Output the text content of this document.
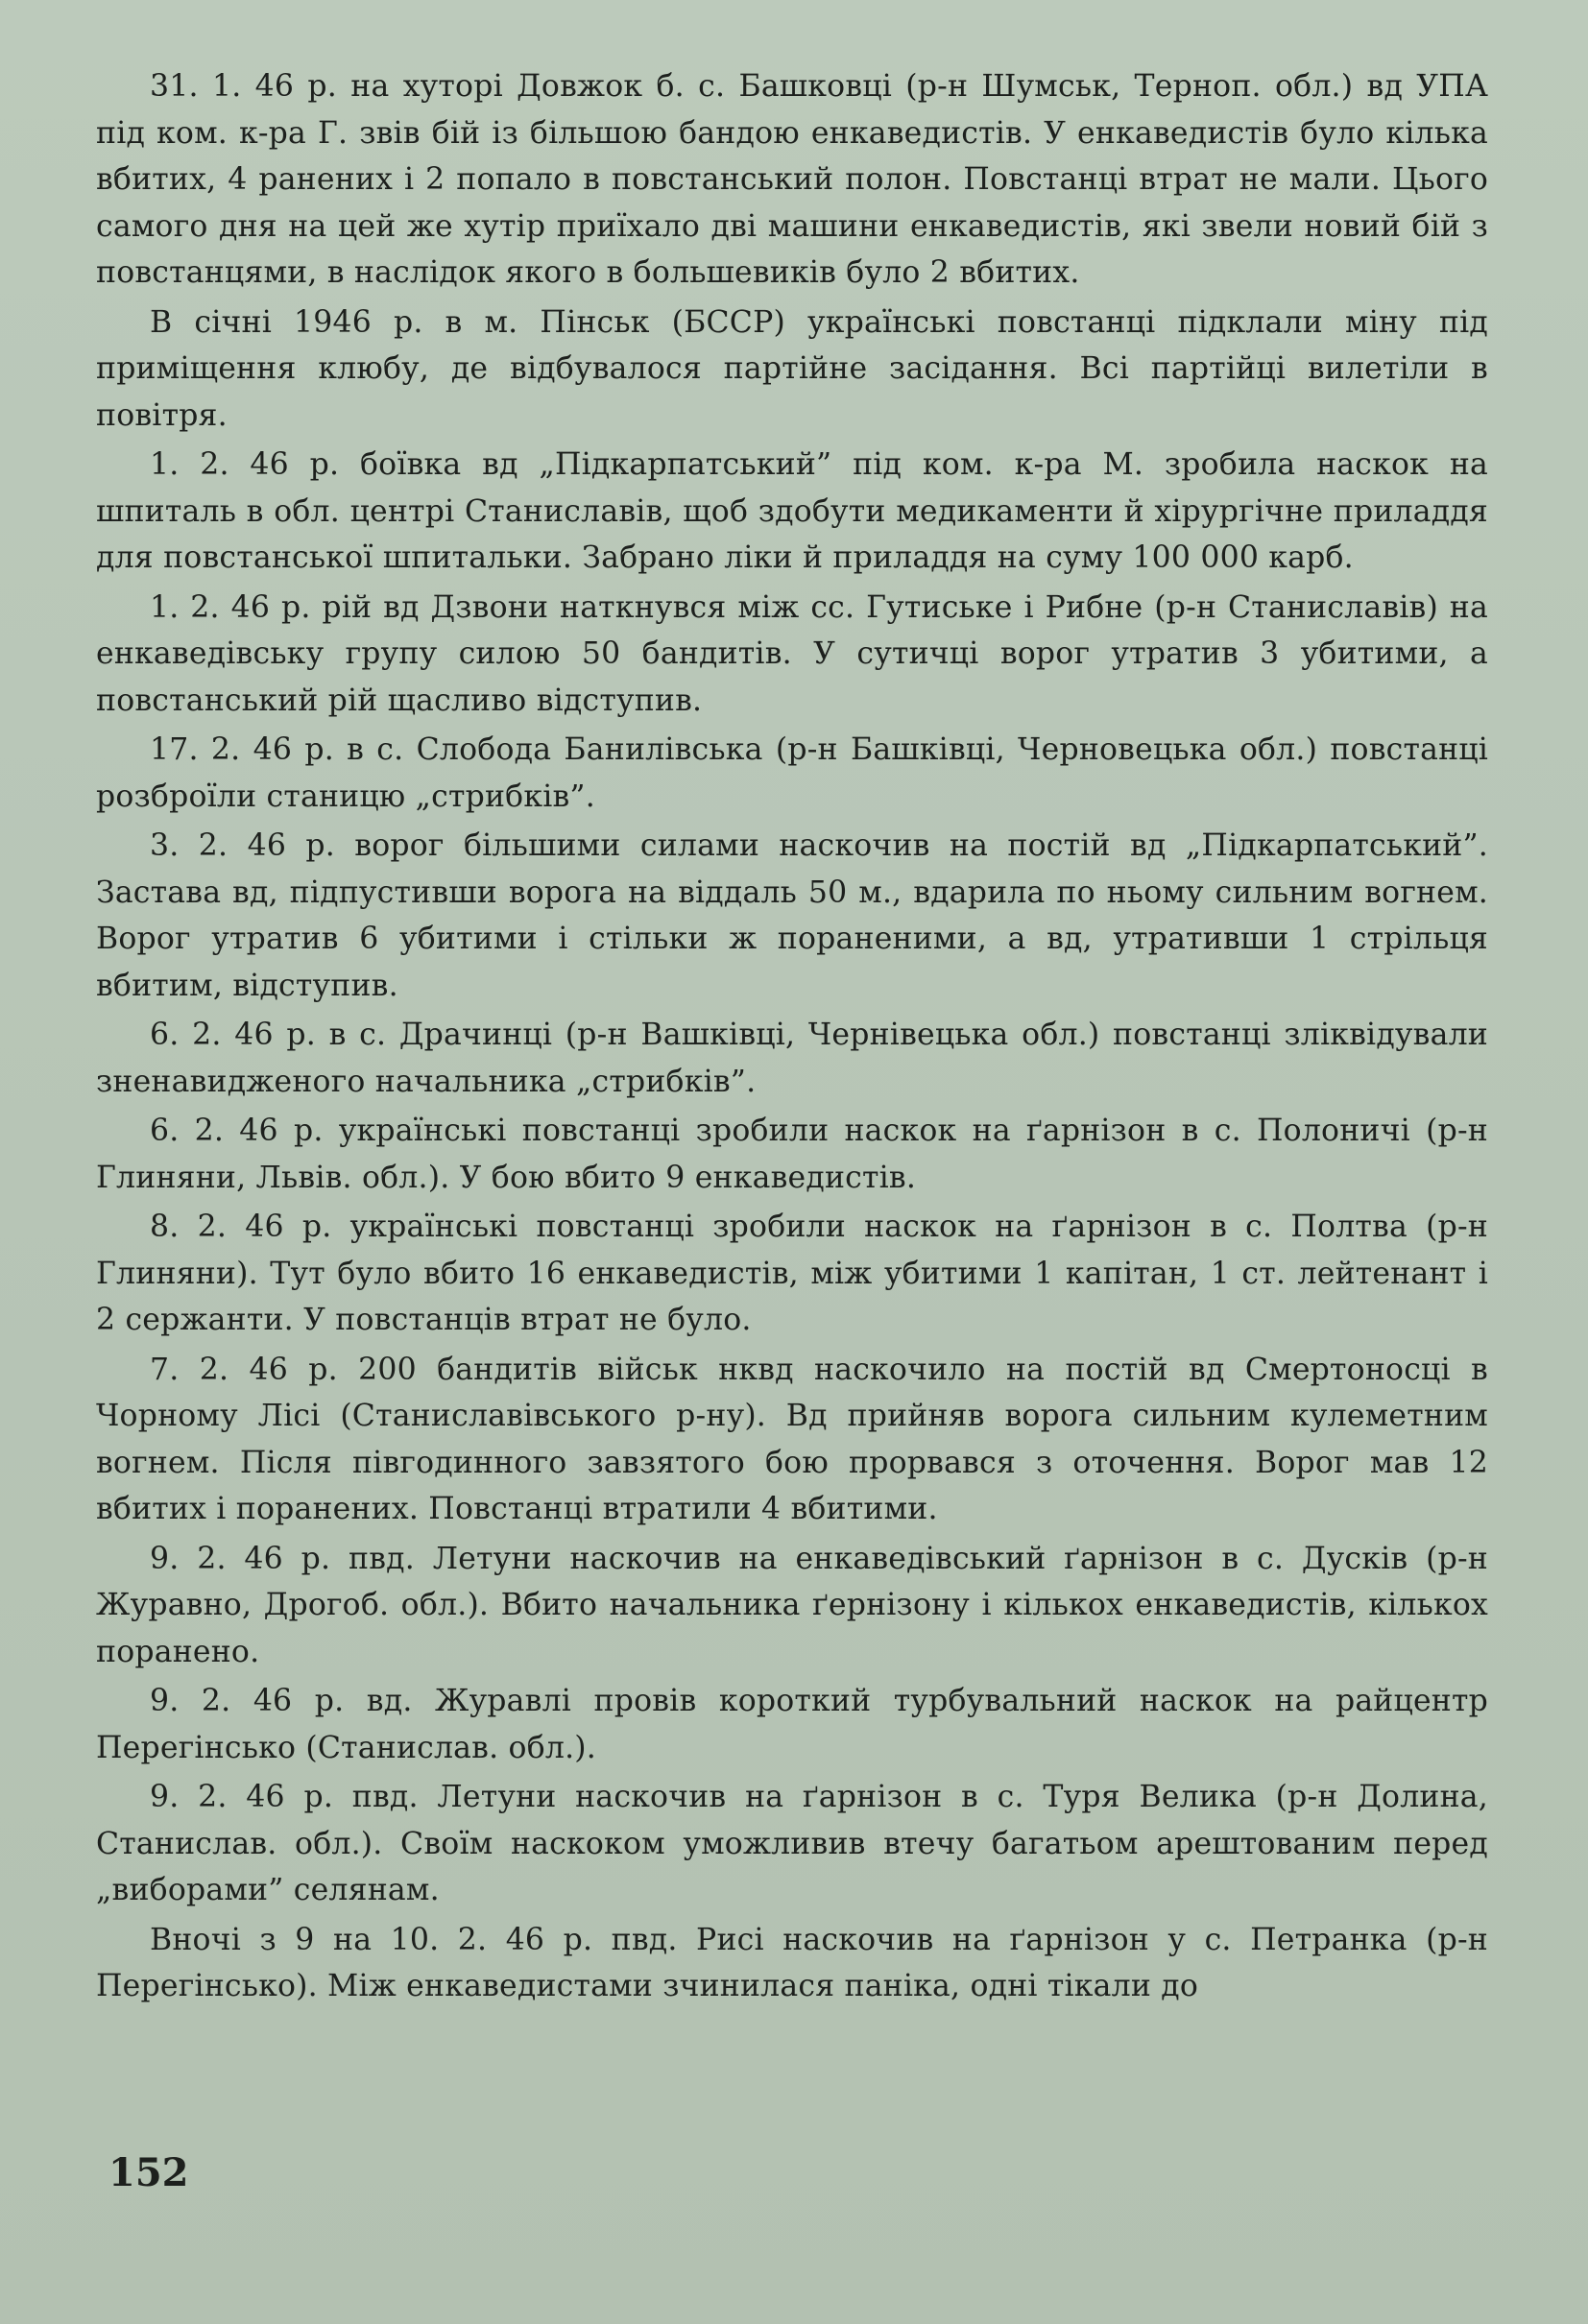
31. 1. 46 р. на хуторі Довжок б. с. Башковці (р-н Шумськ, Терноп. обл.) вд УПА під ком. к-ра Г. звів бій із більшою бандою енкаведистів. У енкаведистів було кілька вбитих, 4 ранених і 2 попало в повстанський полон. Повстанці втрат не мали. Цього самого дня на цей же хутір приїхало дві машини енкаведистів, які звели новий бій з повстанцями, в наслідок якого в большевиків було 2 вбитих.

В січні 1946 р. в м. Пінськ (БССР) українські повстанці підклали міну під приміщення клюбу, де відбувалося партійне засідання. Всі партійці вилетіли в повітря.

1. 2. 46 р. боївка вд „Підкарпатський” під ком. к-ра М. зробила наскок на шпиталь в обл. центрі Станиславів, щоб здобути медикаменти й хірургічне приладдя для повстанської шпитальки. Забрано ліки й приладдя на суму 100 000 карб.

1. 2. 46 р. рій вд Дзвони наткнувся між сс. Гутиське і Рибне (р-н Станиславів) на енкаведівську групу силою 50 бандитів. У сутичці ворог утратив 3 убитими, а повстанський рій щасливо відступив.

17. 2. 46 р. в с. Слобода Банилівська (р-н Башківці, Черновецька обл.) повстанці розброїли станицю „стрибків”.

3. 2. 46 р. ворог більшими силами наскочив на постій вд „Підкарпатський”. Застава вд, підпустивши ворога на віддаль 50 м., вдарила по ньому сильним вогнем. Ворог утратив 6 убитими і стільки ж пораненими, а вд, утративши 1 стрільця вбитим, відступив.

6. 2. 46 р. в с. Драчинці (р-н Вашківці, Чернівецька обл.) повстанці зліквідували зненавидженого начальника „стрибків”.

6. 2. 46 р. українські повстанці зробили наскок на ґарнізон в с. Полоничі (р-н Глиняни, Львів. обл.). У бою вбито 9 енкаведистів.

8. 2. 46 р. українські повстанці зробили наскок на ґарнізон в с. Полтва (р-н Глиняни). Тут було вбито 16 енкаведистів, між убитими 1 капітан, 1 ст. лейтенант і 2 сержанти. У повстанців втрат не було.

7. 2. 46 р. 200 бандитів військ нквд наскочило на постій вд Смертоносці в Чорному Лісі (Станиславівського р-ну). Вд прийняв ворога сильним кулеметним вогнем. Після півгодинного завзятого бою прорвався з оточення. Ворог мав 12 вбитих і поранених. Повстанці втратили 4 вбитими.

9. 2. 46 р. пвд. Летуни наскочив на енкаведівський ґарнізон в с. Дусків (р-н Журавно, Дрогоб. обл.). Вбито начальника ґернізону і кількох енкаведистів, кількох поранено.

9. 2. 46 р. вд. Журавлі провів короткий турбувальний наскок на райцентр Перегінсько (Станислав. обл.).

9. 2. 46 р. пвд. Летуни наскочив на ґарнізон в с. Туря Велика (р-н Долина, Станислав. обл.). Своїм наскоком уможливив втечу багатьом арештованим перед „виборами” селянам.

Вночі з 9 на 10. 2. 46 р. пвд. Рисі наскочив на ґарнізон у с. Петранка (р-н Перегінсько). Між енкаведистами зчинилася паніка, одні тікали до

152
